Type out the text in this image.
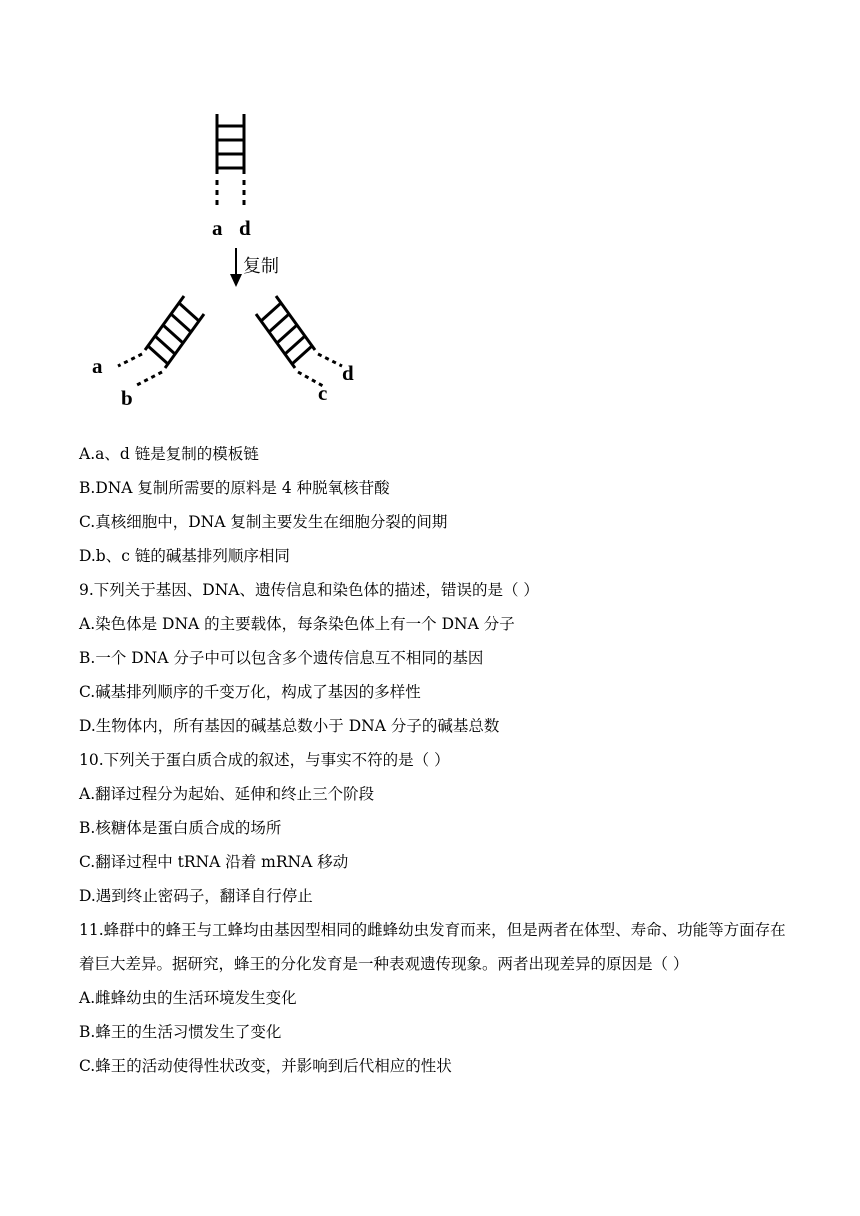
a d
复制
a
b
d
c
A.a、d 链是复制的模板链
B.DNA 复制所需要的原料是 4 种脱氧核苷酸
C.真核细胞中，DNA 复制主要发生在细胞分裂的间期
D.b、c 链的碱基排列顺序相同
9.下列关于基因、DNA、遗传信息和染色体的描述，错误的是（ ）
A.染色体是 DNA 的主要载体，每条染色体上有一个 DNA 分子
B.一个 DNA 分子中可以包含多个遗传信息互不相同的基因
C.碱基排列顺序的千变万化，构成了基因的多样性
D.生物体内，所有基因的碱基总数小于 DNA 分子的碱基总数
10.下列关于蛋白质合成的叙述，与事实不符的是（ ）
A.翻译过程分为起始、延伸和终止三个阶段
B.核糖体是蛋白质合成的场所
C.翻译过程中 tRNA 沿着 mRNA 移动
D.遇到终止密码子，翻译自行停止
11.蜂群中的蜂王与工蜂均由基因型相同的雌蜂幼虫发育而来，但是两者在体型、寿命、功能等方面存在着巨大差异。据研究，蜂王的分化发育是一种表观遗传现象。两者出现差异的原因是（ ）
A.雌蜂幼虫的生活环境发生变化
B.蜂王的生活习惯发生了变化
C.蜂王的活动使得性状改变，并影响到后代相应的性状
